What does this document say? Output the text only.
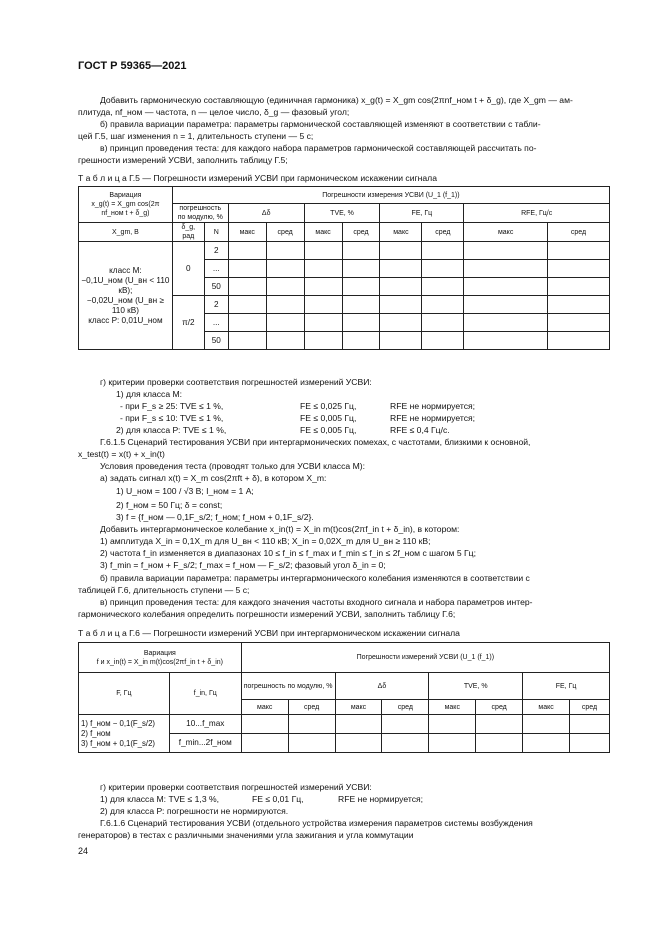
ГОСТ Р 59365—2021
Добавить гармоническую составляющую (единичная гармоника) x_g(t) = X_gm cos(2πnf_ном t + δ_g), где X_gm — ам-
плитуда, nf_ном — частота, n — целое число, δ_g — фазовый угол;
б) правила вариации параметра: параметры гармонической составляющей изменяют в соответствии с табли-
цей Г.5, шаг изменения n = 1, длительность ступени — 5 с;
в) принцип проведения теста: для каждого набора параметров гармонической составляющей рассчитать по-
грешности измерений УСВИ, заполнить таблицу Г.5;
Т а б л и ц а Г.5 — Погрешности измерений УСВИ при гармоническом искажении сигнала
Вариация
x_g(t) = X_gm cos(2π nf_ном t + δ_g)	Погрешности измерения УСВИ (U_1 (f_1))									
	погрешность по модулю, %		Δδ		TVE, %		FE, Гц		RFE, Гц/с	

X_gm, В	δ_g, рад	N	макс	сред	макс	сред	макс	сред	макс	сред

класс М:
−0,1U_ном (U_вн < 110 кВ);
−0,02U_ном (U_вн ≥ 110 кВ)
класс Р: 0,01U_ном	0	2								
		...								
		50								
	π/2	2								
		...								
		50								
г) критерии проверки соответствия погрешностей измерений УСВИ:
1) для класса М:
- при F_s ≥ 25: TVE ≤ 1 %,	FE ≤ 0,025 Гц,	RFE не нормируется;
- при F_s ≤ 10: TVE ≤ 1 %,	FE ≤ 0,005 Гц,	RFE не нормируется;
2) для класса Р: TVE ≤ 1 %,	FE ≤ 0,005 Гц,	RFE ≤ 0,4 Гц/с.
Г.6.1.5 Сценарий тестирования УСВИ при интергармонических помехах, с частотами, близкими к основной,
x_test(t) = x(t) + x_in(t)
Условия проведения теста (проводят только для УСВИ класса М):
а) задать сигнал x(t) = X_m cos(2πft + δ), в котором X_m:
1) U_ном = 100 / √3 В; I_ном = 1 А;
2) f_ном = 50 Гц; δ = const;
3) f = {f_ном — 0,1F_s/2; f_ном; f_ном + 0,1F_s/2}.
Добавить интергармоническое колебание x_in(t) = X_in m(t)cos(2πf_in t + δ_in), в котором:
1) амплитуда X_in = 0,1X_m для U_вн < 110 кВ; X_in = 0,02X_m для U_вн ≥ 110 кВ;
2) частота f_in изменяется в диапазонах 10 ≤ f_in ≤ f_max и f_min ≤ f_in ≤ 2f_ном с шагом 5 Гц;
3) f_min = f_ном + F_s/2; f_max = f_ном — F_s/2; фазовый угол δ_in = 0;
б) правила вариации параметра: параметры интергармонического колебания изменяются в соответствии с
таблицей Г.6, длительность ступени — 5 с;
в) принцип проведения теста: для каждого значения частоты входного сигнала и набора параметров интер-
гармонического колебания определить погрешности измерений УСВИ, заполнить таблицу Г.6;
Т а б л и ц а Г.6 — Погрешности измерений УСВИ при интергармоническом искажении сигнала
Вариация
f и x_in(t) = X_in m(t)cos(2πf_in t + δ_in)		Погрешности измерений УСВИ (U_1 (f_1))							
F, Гц	f_in, Гц	погрешность по модулю, %		Δδ		TVE, %		FE, Гц	
		макс	сред	макс	сред	макс	сред	макс	сред

1) f_ном − 0,1(F_s/2)
2) f_ном
3) f_ном + 0,1(F_s/2)	10...f_max								
	f_min...2f_ном								
г) критерии проверки соответствия погрешностей измерений УСВИ:
1) для класса М: TVE ≤ 1,3 %,	FE ≤ 0,01 Гц,	RFE не нормируется;
2) для класса Р: погрешности не нормируются.
Г.6.1.6 Сценарий тестирования УСВИ (отдельного устройства измерения параметров системы возбуждения
генераторов) в тестах с различными значениями угла зажигания и угла коммутации
24
